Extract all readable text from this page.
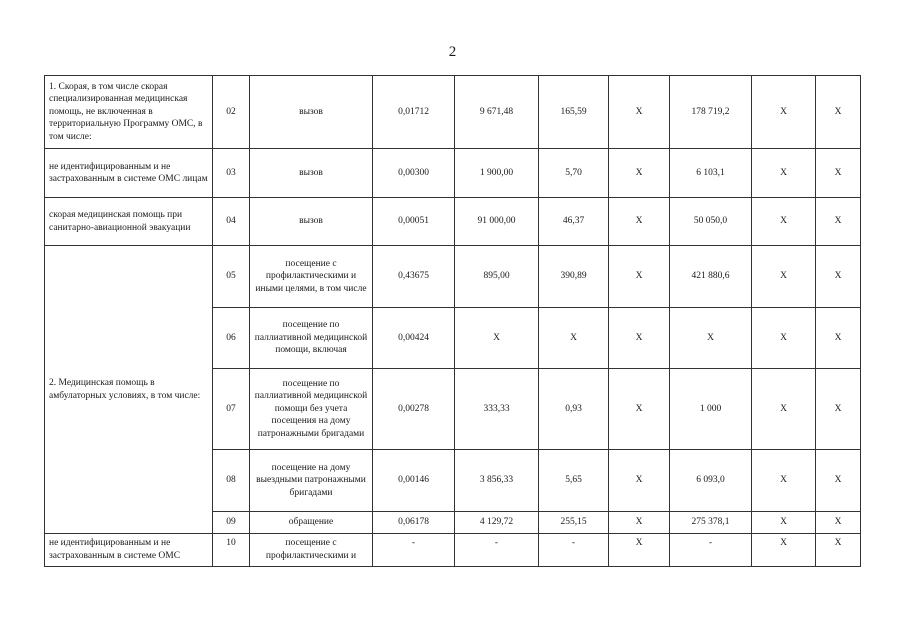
2
1. Скорая, в том числе скорая специализированная медицинская помощь, не включенная в территориальную Программу ОМС, в том числе:	02	вызов	0,01712	9 671,48	165,59	X	178 719,2	X	X
не идентифицированным и не застрахованным в системе ОМС лицам	03	вызов	0,00300	1 900,00	5,70	X	6 103,1	X	X
скорая медицинская помощь при санитарно-авиационной эвакуации	04	вызов	0,00051	91 000,00	46,37	X	50 050,0	X	X
2. Медицинская помощь в амбулаторных условиях, в том числе:	05	посещение с профилактическими и иными целями, в том числе	0,43675	895,00	390,89	X	421 880,6	X	X
	06	посещение по паллиативной медицинской помощи, включая	0,00424	X	X	X	X	X	X
	07	посещение по паллиативной медицинской помощи без учета посещения на дому патронажными бригадами	0,00278	333,33	0,93	X	1 000	X	X
	08	посещение на дому выездными патронажными бригадами	0,00146	3 856,33	5,65	X	6 093,0	X	X
	09	обращение	0,06178	4 129,72	255,15	X	275 378,1	X	X
не идентифицированным и не застрахованным в системе ОМС	10	посещение с профилактическими и	-	-	-	X	-	X	X
